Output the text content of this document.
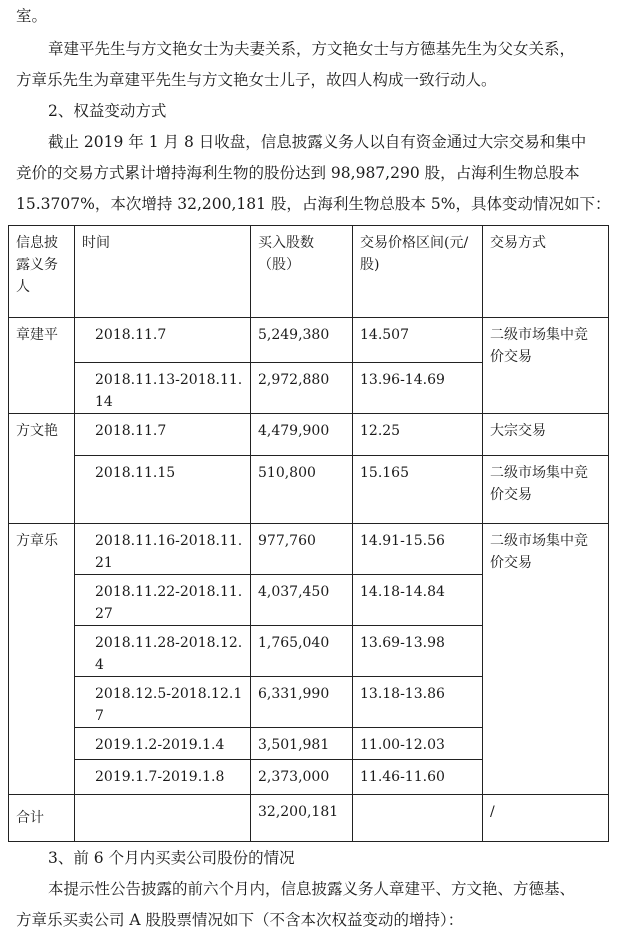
室。
章建平先生与方文艳女士为夫妻关系，方文艳女士与方德基先生为父女关系，
方章乐先生为章建平先生与方文艳女士儿子，故四人构成一致行动人。
2、权益变动方式
截止 2019 年 1 月 8 日收盘，信息披露义务人以自有资金通过大宗交易和集中
竞价的交易方式累计增持海利生物的股份达到 98,987,290 股，占海利生物总股本
15.3707%，本次增持 32,200,181 股，占海利生物总股本 5%，具体变动情况如下：
信息披露义务人	时间	买入股数（股）	交易价格区间(元/股)	交易方式
章建平	2018.11.7	5,249,380	14.507	二级市场集中竞价交易
	2018.11.13-2018.11.14	2,972,880	13.96-14.69	
方文艳	2018.11.7	4,479,900	12.25	大宗交易
	2018.11.15	510,800	15.165	二级市场集中竞价交易
方章乐	2018.11.16-2018.11.21	977,760	14.91-15.56	二级市场集中竞价交易
	2018.11.22-2018.11.27	4,037,450	14.18-14.84	
	2018.11.28-2018.12.4	1,765,040	13.69-13.98	
	2018.12.5-2018.12.17	6,331,990	13.18-13.86	
	2019.1.2-2019.1.4	3,501,981	11.00-12.03	
	2019.1.7-2019.1.8	2,373,000	11.46-11.60	
合计		32,200,181		/
3、前 6 个月内买卖公司股份的情况
本提示性公告披露的前六个月内，信息披露义务人章建平、方文艳、方德基、
方章乐买卖公司 A 股股票情况如下（不含本次权益变动的增持）：
